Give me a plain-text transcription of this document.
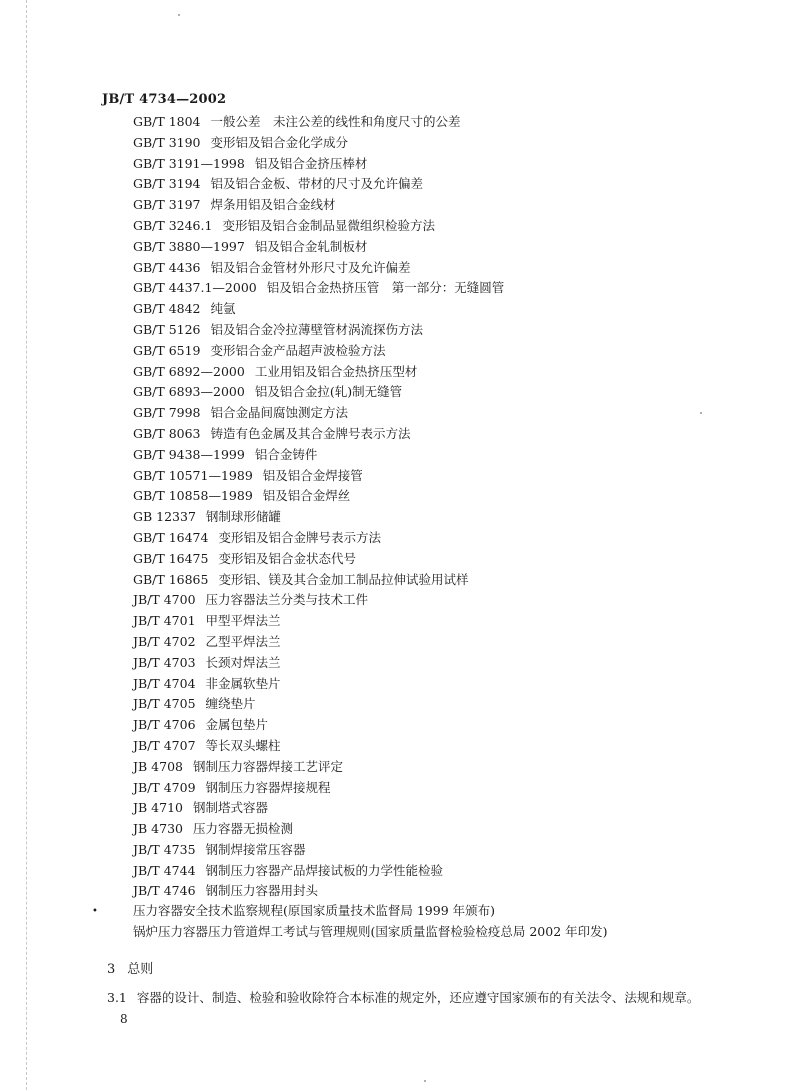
JB/T 4734—2002
GB/T 1804 一般公差　未注公差的线性和角度尺寸的公差
GB/T 3190 变形铝及铝合金化学成分
GB/T 3191—1998 铝及铝合金挤压棒材
GB/T 3194 铝及铝合金板、带材的尺寸及允许偏差
GB/T 3197 焊条用铝及铝合金线材
GB/T 3246.1 变形铝及铝合金制品显微组织检验方法
GB/T 3880—1997 铝及铝合金轧制板材
GB/T 4436 铝及铝合金管材外形尺寸及允许偏差
GB/T 4437.1—2000 铝及铝合金热挤压管　第一部分：无缝圆管
GB/T 4842 纯氩
GB/T 5126 铝及铝合金冷拉薄壁管材涡流探伤方法
GB/T 6519 变形铝合金产品超声波检验方法
GB/T 6892—2000 工业用铝及铝合金热挤压型材
GB/T 6893—2000 铝及铝合金拉(轧)制无缝管
GB/T 7998 铝合金晶间腐蚀测定方法
GB/T 8063 铸造有色金属及其合金牌号表示方法
GB/T 9438—1999 铝合金铸件
GB/T 10571—1989 铝及铝合金焊接管
GB/T 10858—1989 铝及铝合金焊丝
GB 12337 钢制球形储罐
GB/T 16474 变形铝及铝合金牌号表示方法
GB/T 16475 变形铝及铝合金状态代号
GB/T 16865 变形铝、镁及其合金加工制品拉伸试验用试样
JB/T 4700 压力容器法兰分类与技术工件
JB/T 4701 甲型平焊法兰
JB/T 4702 乙型平焊法兰
JB/T 4703 长颈对焊法兰
JB/T 4704 非金属软垫片
JB/T 4705 缠绕垫片
JB/T 4706 金属包垫片
JB/T 4707 等长双头螺柱
JB 4708 钢制压力容器焊接工艺评定
JB/T 4709 钢制压力容器焊接规程
JB 4710 钢制塔式容器
JB 4730 压力容器无损检测
JB/T 4735 钢制焊接常压容器
JB/T 4744 钢制压力容器产品焊接试板的力学性能检验
JB/T 4746 钢制压力容器用封头
•	压力容器安全技术监察规程(原国家质量技术监督局 1999 年颁布)
锅炉压力容器压力管道焊工考试与管理规则(国家质量监督检验检疫总局 2002 年印发)
3 总则
3.1 容器的设计、制造、检验和验收除符合本标准的规定外，还应遵守国家颁布的有关法令、法规和规章。
8
